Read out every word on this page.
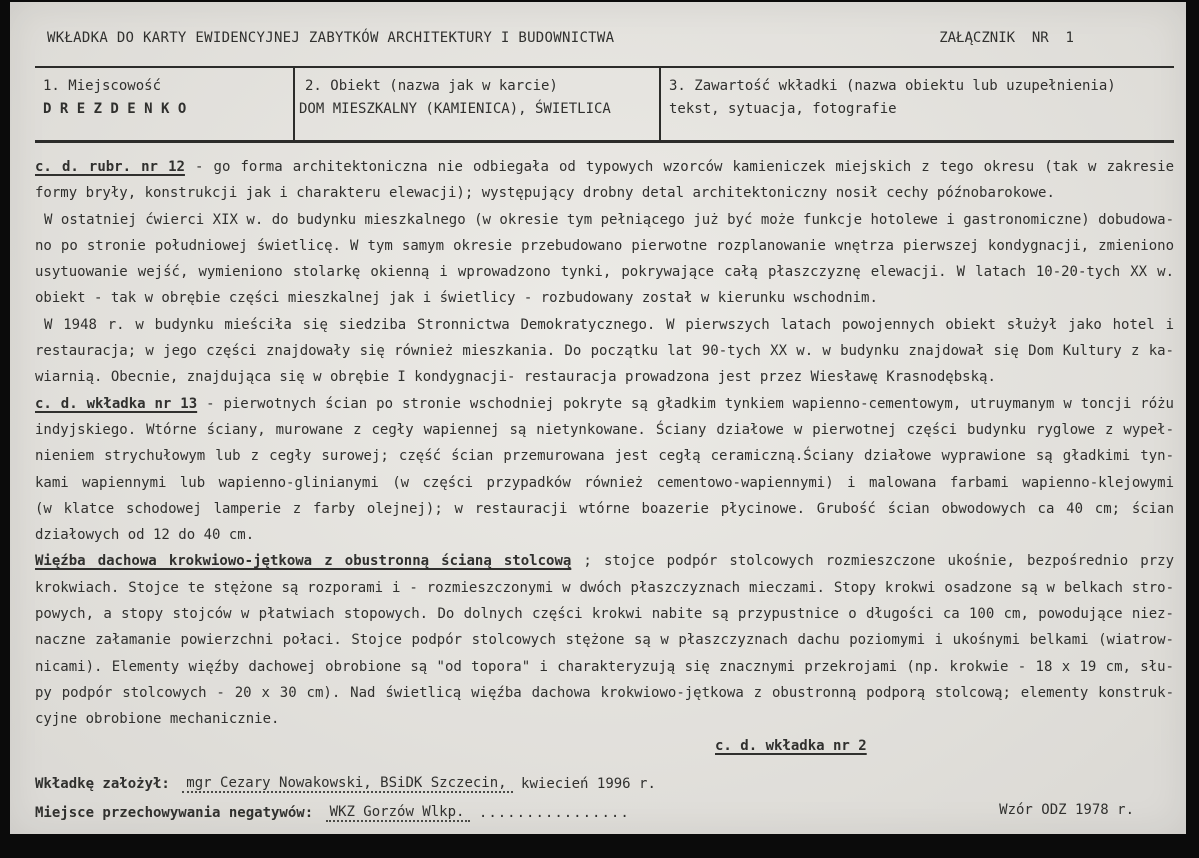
WKŁADKA DO KARTY EWIDENCYJNEJ ZABYTKÓW ARCHITEKTURY I BUDOWNICTWA	ZAŁĄCZNIK NR 1
1. Miejscowość
D R E Z D E N K O
2. Obiekt (nazwa jak w karcie)
DOM MIESZKALNY (KAMIENICA), ŚWIETLICA
3. Zawartość wkładki (nazwa obiektu lub uzupełnienia)
tekst, sytuacja, fotografie
c. d. rubr. nr 12 - go forma architektoniczna nie odbiegała od typowych wzorców kamieniczek miejskich z tego okresu (tak w zakresie
formy bryły, konstrukcji jak i charakteru elewacji); występujący drobny detal architektoniczny nosił cechy późnobarokowe.
W ostatniej ćwierci XIX w. do budynku mieszkalnego (w okresie tym pełniącego już być może funkcje hotolewe i gastronomiczne) dobudowa-
no po stronie południowej świetlicę. W tym samym okresie przebudowano pierwotne rozplanowanie wnętrza pierwszej kondygnacji, zmieniono
usytuowanie wejść, wymieniono stolarkę okienną i wprowadzono tynki, pokrywające całą płaszczyznę elewacji. W latach 10-20-tych XX w.
obiekt - tak w obrębie części mieszkalnej jak i świetlicy - rozbudowany został w kierunku wschodnim.
W 1948 r. w budynku mieściła się siedziba Stronnictwa Demokratycznego. W pierwszych latach powojennych obiekt służył jako hotel i
restauracja; w jego części znajdowały się również mieszkania. Do początku lat 90-tych XX w. w budynku znajdował się Dom Kultury z ka-
wiarnią. Obecnie, znajdująca się w obrębie I kondygnacji- restauracja prowadzona jest przez Wiesławę Krasnodębską.
c. d. wkładka nr 13 - pierwotnych ścian po stronie wschodniej pokryte są gładkim tynkiem wapienno-cementowym, utruymanym w toncji różu
indyjskiego. Wtórne ściany, murowane z cegły wapiennej są nietynkowane. Ściany działowe w pierwotnej części budynku ryglowe z wypeł-
nieniem strychułowym lub z cegły surowej; część ścian przemurowana jest cegłą ceramiczną.Ściany działowe wyprawione są gładkimi tyn-
kami wapiennymi lub wapienno-glinianymi (w części przypadków również cementowo-wapiennymi) i malowana farbami wapienno-klejowymi
(w klatce schodowej lamperie z farby olejnej); w restauracji wtórne boazerie płycinowe. Grubość ścian obwodowych ca 40 cm; ścian
działowych od 12 do 40 cm.
Więźba dachowa krokwiowo-jętkowa z obustronną ścianą stolcową ; stojce podpór stolcowych rozmieszczone ukośnie, bezpośrednio przy
krokwiach. Stojce te stężone są rozporami i - rozmieszczonymi w dwóch płaszczyznach mieczami. Stopy krokwi osadzone są w belkach stro-
powych, a stopy stojców w płatwiach stopowych. Do dolnych części krokwi nabite są przypustnice o długości ca 100 cm, powodujące niez-
naczne załamanie powierzchni połaci. Stojce podpór stolcowych stężone są w płaszczyznach dachu poziomymi i ukośnymi belkami (wiatrow-
nicami). Elementy więźby dachowej obrobione są "od topora" i charakteryzują się znacznymi przekrojami (np. krokwie - 18 x 19 cm, słu-
py podpór stolcowych - 20 x 30 cm). Nad świetlicą więźba dachowa krokwiowo-jętkowa z obustronną podporą stolcową; elementy konstruk-
cyjne obrobione mechanicznie.
c. d. wkładka nr 2
Wkładkę założył: mgr Cezary Nowakowski, BSiDK Szczecin, kwiecień 1996 r.
Miejsce przechowywania negatywów: WKZ Gorzów Wlkp. ................	Wzór ODZ 1978 r.
